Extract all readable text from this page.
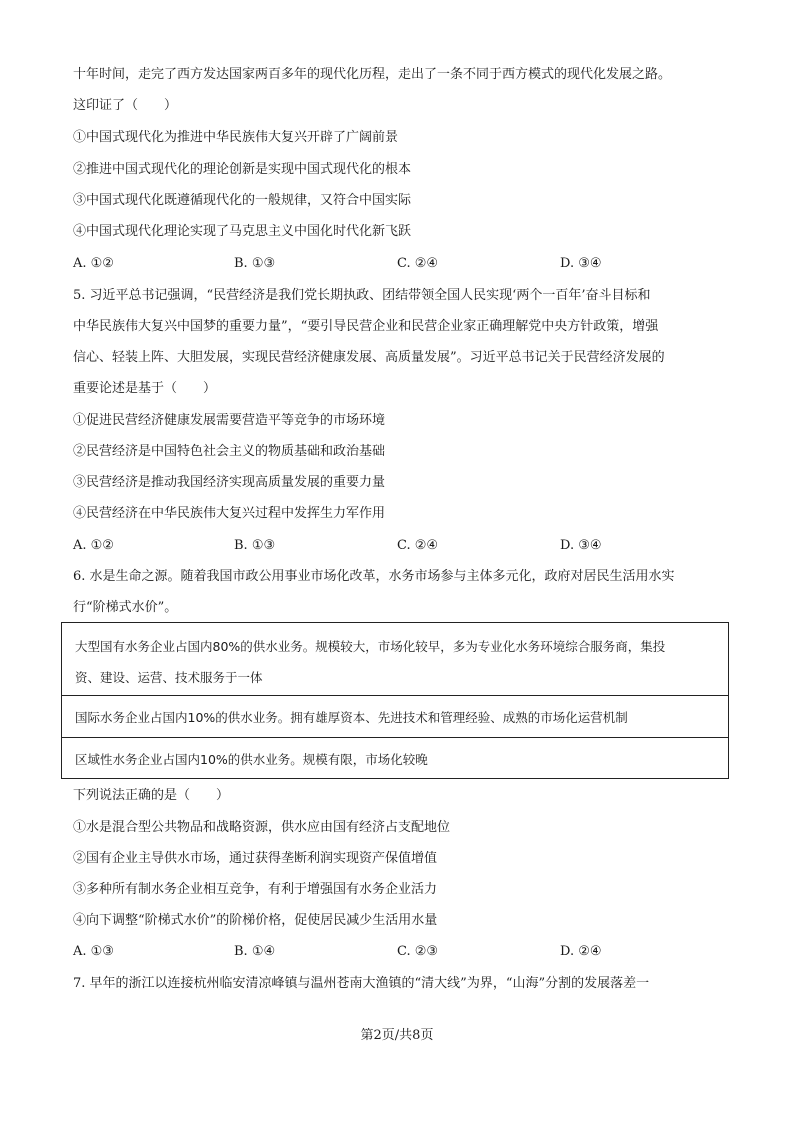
十年时间，走完了西方发达国家两百多年的现代化历程，走出了一条不同于西方模式的现代化发展之路。
这印证了（　　）
①中国式现代化为推进中华民族伟大复兴开辟了广阔前景
②推进中国式现代化的理论创新是实现中国式现代化的根本
③中国式现代化既遵循现代化的一般规律，又符合中国实际
④中国式现代化理论实现了马克思主义中国化时代化新飞跃
A. ①②	B. ①③	C. ②④	D. ③④
5. 习近平总书记强调，“民营经济是我们党长期执政、团结带领全国人民实现‘两个一百年’奋斗目标和
中华民族伟大复兴中国梦的重要力量”，“要引导民营企业和民营企业家正确理解党中央方针政策，增强
信心、轻装上阵、大胆发展，实现民营经济健康发展、高质量发展”。习近平总书记关于民营经济发展的
重要论述是基于（　　）
①促进民营经济健康发展需要营造平等竞争的市场环境
②民营经济是中国特色社会主义的物质基础和政治基础
③民营经济是推动我国经济实现高质量发展的重要力量
④民营经济在中华民族伟大复兴过程中发挥生力军作用
A. ①②	B. ①③	C. ②④	D. ③④
6. 水是生命之源。随着我国市政公用事业市场化改革，水务市场参与主体多元化，政府对居民生活用水实
行“阶梯式水价”。
大型国有水务企业占国内80%的供水业务。规模较大，市场化较早，多为专业化水务环境综合服务商，集投
资、建设、运营、技术服务于一体
国际水务企业占国内10%的供水业务。拥有雄厚资本、先进技术和管理经验、成熟的市场化运营机制
区域性水务企业占国内10%的供水业务。规模有限，市场化较晚
下列说法正确的是（　　）
①水是混合型公共物品和战略资源，供水应由国有经济占支配地位
②国有企业主导供水市场，通过获得垄断利润实现资产保值增值
③多种所有制水务企业相互竞争，有利于增强国有水务企业活力
④向下调整“阶梯式水价”的阶梯价格，促使居民减少生活用水量
A. ①③	B. ①④	C. ②③	D. ②④
7. 早年的浙江以连接杭州临安清凉峰镇与温州苍南大渔镇的“清大线”为界，“山海”分割的发展落差一
第2页/共8页
